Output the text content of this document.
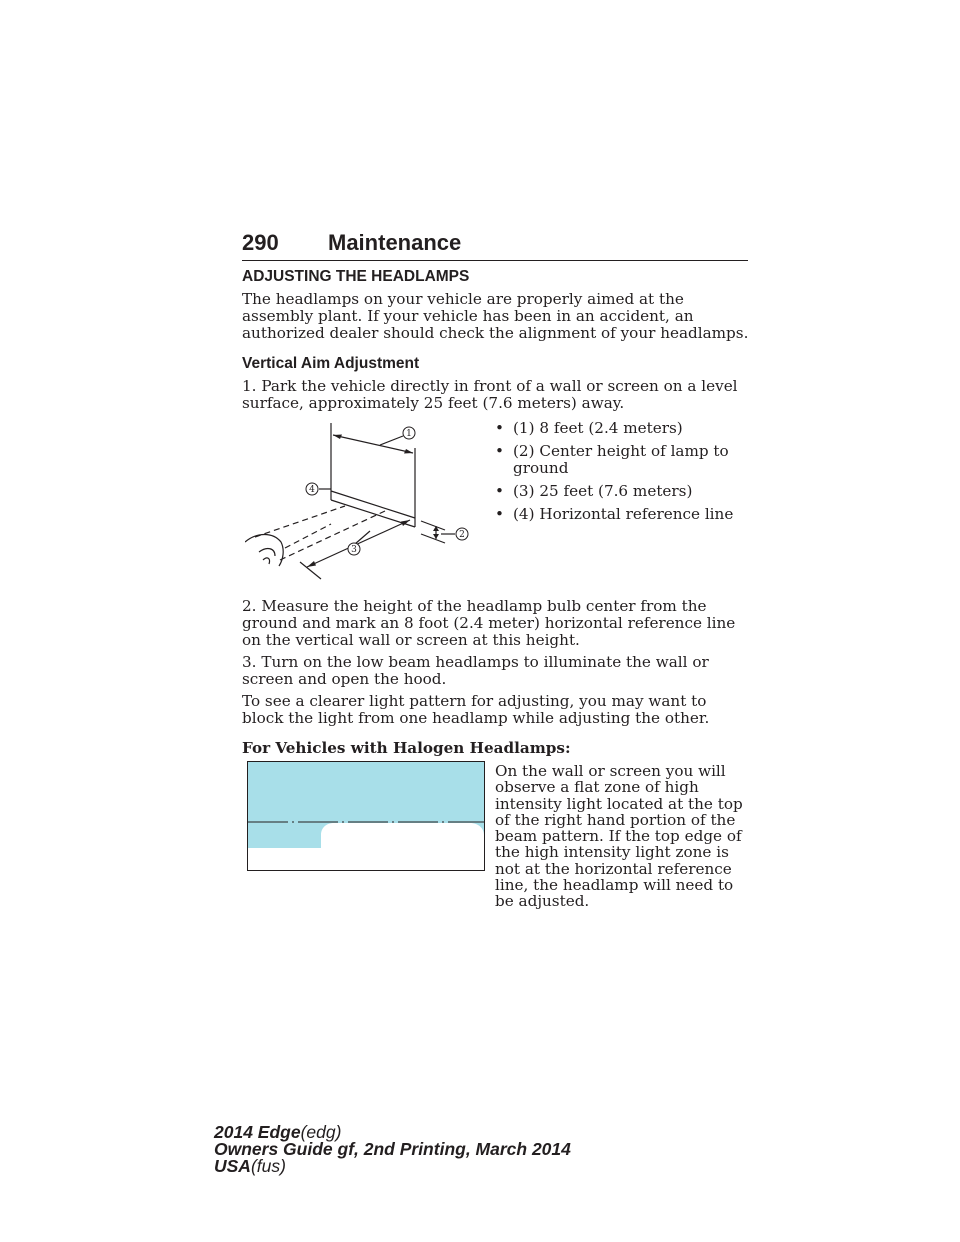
290 Maintenance
ADJUSTING THE HEADLAMPS
The headlamps on your vehicle are properly aimed at the assembly plant. If your vehicle has been in an accident, an authorized dealer should check the alignment of your headlamps.
Vertical Aim Adjustment
1. Park the vehicle directly in front of a wall or screen on a level surface, approximately 25 feet (7.6 meters) away.
1
2
3
4
• (1) 8 feet (2.4 meters)
• (2) Center height of lamp to ground
• (3) 25 feet (7.6 meters)
• (4) Horizontal reference line
2. Measure the height of the headlamp bulb center from the ground and mark an 8 foot (2.4 meter) horizontal reference line on the vertical wall or screen at this height.
3. Turn on the low beam headlamps to illuminate the wall or screen and open the hood.
To see a clearer light pattern for adjusting, you may want to block the light from one headlamp while adjusting the other.
For Vehicles with Halogen Headlamps:
On the wall or screen you will observe a flat zone of high intensity light located at the top of the right hand portion of the beam pattern. If the top edge of the high intensity light zone is not at the horizontal reference line, the headlamp will need to be adjusted.
2014 Edge(edg)
Owners Guide gf, 2nd Printing, March 2014
USA(fus)
